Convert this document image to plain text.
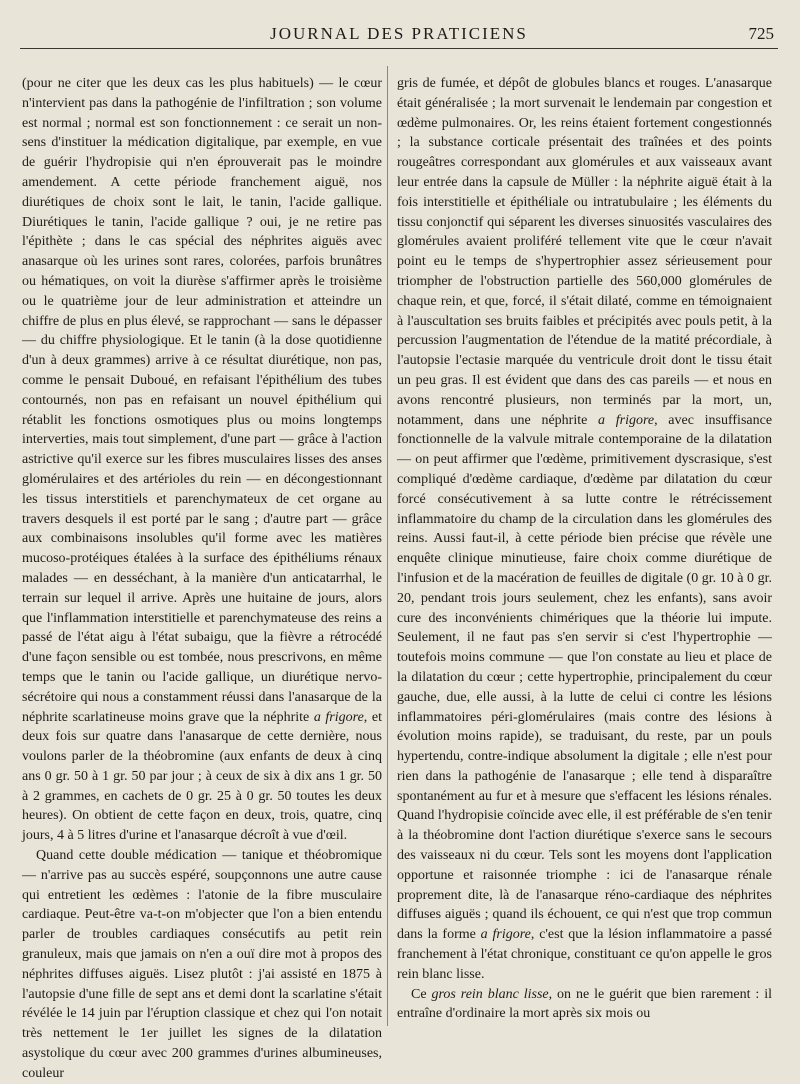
JOURNAL DES PRATICIENS	725

(pour ne citer que les deux cas les plus habituels) — le cœur n'intervient pas dans la pathogénie de l'infiltration ; son volume est normal ; normal est son fonctionnement : ce serait un non-sens d'instituer la médication digitalique, par exemple, en vue de guérir l'hydropisie qui n'en éprouverait pas le moindre amendement. A cette période franchement aiguë, nos diurétiques de choix sont le lait, le tanin, l'acide gallique. Diurétiques le tanin, l'acide gallique ? oui, je ne retire pas l'épithète ; dans le cas spécial des néphrites aiguës avec anasarque où les urines sont rares, colorées, parfois brunâtres ou hématiques, on voit la diurèse s'affirmer après le troisième ou le quatrième jour de leur administration et atteindre un chiffre de plus en plus élevé, se rapprochant — sans le dépasser — du chiffre physiologique. Et le tanin (à la dose quotidienne d'un à deux grammes) arrive à ce résultat diurétique, non pas, comme le pensait Duboué, en refaisant l'épithélium des tubes contournés, non pas en refaisant un nouvel épithélium qui rétablit les fonctions osmotiques plus ou moins longtemps interverties, mais tout simplement, d'une part — grâce à l'action astrictive qu'il exerce sur les fibres musculaires lisses des anses glomérulaires et des artérioles du rein — en décongestionnant les tissus interstitiels et parenchymateux de cet organe au travers desquels il est porté par le sang ; d'autre part — grâce aux combinaisons insolubles qu'il forme avec les matières mucoso-protéiques étalées à la surface des épithéliums rénaux malades — en desséchant, à la manière d'un anticatarrhal, le terrain sur lequel il arrive. Après une huitaine de jours, alors que l'inflammation interstitielle et parenchymateuse des reins a passé de l'état aigu à l'état subaigu, que la fièvre a rétrocédé d'une façon sensible ou est tombée, nous prescrivons, en même temps que le tanin ou l'acide gallique, un diurétique nervo-sécrétoire qui nous a constamment réussi dans l'anasarque de la néphrite scarlatineuse moins grave que la néphrite a frigore, et deux fois sur quatre dans l'anasarque de cette dernière, nous voulons parler de la théobromine (aux enfants de deux à cinq ans 0 gr. 50 à 1 gr. 50 par jour ; à ceux de six à dix ans 1 gr. 50 à 2 grammes, en cachets de 0 gr. 25 à 0 gr. 50 toutes les deux heures). On obtient de cette façon en deux, trois, quatre, cinq jours, 4 à 5 litres d'urine et l'anasarque décroît à vue d'œil.

Quand cette double médication — tanique et théobromique — n'arrive pas au succès espéré, soupçonnons une autre cause qui entretient les œdèmes : l'atonie de la fibre musculaire cardiaque. Peut-être va-t-on m'objecter que l'on a bien entendu parler de troubles cardiaques consécutifs au petit rein granuleux, mais que jamais on n'en a ouï dire mot à propos des néphrites diffuses aiguës. Lisez plutôt : j'ai assisté en 1875 à l'autopsie d'une fille de sept ans et demi dont la scarlatine s'était révélée le 14 juin par l'éruption classique et chez qui l'on notait très nettement le 1er juillet les signes de la dilatation asystolique du cœur avec 200 grammes d'urines albumineuses, couleur

gris de fumée, et dépôt de globules blancs et rouges. L'anasarque était généralisée ; la mort survenait le lendemain par congestion et œdème pulmonaires. Or, les reins étaient fortement congestionnés ; la substance corticale présentait des traînées et des points rougeâtres correspondant aux glomérules et aux vaisseaux avant leur entrée dans la capsule de Müller : la néphrite aiguë était à la fois interstitielle et épithéliale ou intratubulaire ; les éléments du tissu conjonctif qui séparent les diverses sinuosités vasculaires des glomérules avaient proliféré tellement vite que le cœur n'avait point eu le temps de s'hypertrophier assez sérieusement pour triompher de l'obstruction partielle des 560,000 glomérules de chaque rein, et que, forcé, il s'était dilaté, comme en témoignaient à l'auscultation ses bruits faibles et précipités avec pouls petit, à la percussion l'augmentation de l'étendue de la matité précordiale, à l'autopsie l'ectasie marquée du ventricule droit dont le tissu était un peu gras. Il est évident que dans des cas pareils — et nous en avons rencontré plusieurs, non terminés par la mort, un, notamment, dans une néphrite a frigore, avec insuffisance fonctionnelle de la valvule mitrale contemporaine de la dilatation — on peut affirmer que l'œdème, primitivement dyscrasique, s'est compliqué d'œdème cardiaque, d'œdème par dilatation du cœur forcé consécutivement à sa lutte contre le rétrécissement inflammatoire du champ de la circulation dans les glomérules des reins. Aussi faut-il, à cette période bien précise que révèle une enquête clinique minutieuse, faire choix comme diurétique de l'infusion et de la macération de feuilles de digitale (0 gr. 10 à 0 gr. 20, pendant trois jours seulement, chez les enfants), sans avoir cure des inconvénients chimériques que la théorie lui impute. Seulement, il ne faut pas s'en servir si c'est l'hypertrophie — toutefois moins commune — que l'on constate au lieu et place de la dilatation du cœur ; cette hypertrophie, principalement du cœur gauche, due, elle aussi, à la lutte de celui ci contre les lésions inflammatoires péri-glomérulaires (mais contre des lésions à évolution moins rapide), se traduisant, du reste, par un pouls hypertendu, contre-indique absolument la digitale ; elle n'est pour rien dans la pathogénie de l'anasarque ; elle tend à disparaître spontanément au fur et à mesure que s'effacent les lésions rénales. Quand l'hydropisie coïncide avec elle, il est préférable de s'en tenir à la théobromine dont l'action diurétique s'exerce sans le secours des vaisseaux ni du cœur. Tels sont les moyens dont l'application opportune et raisonnée triomphe : ici de l'anasarque rénale proprement dite, là de l'anasarque réno-cardiaque des néphrites diffuses aiguës ; quand ils échouent, ce qui n'est que trop commun dans la forme a frigore, c'est que la lésion inflammatoire a passé franchement à l'état chronique, constituant ce qu'on appelle le gros rein blanc lisse.

Ce gros rein blanc lisse, on ne le guérit que bien rarement : il entraîne d'ordinaire la mort après six mois ou
